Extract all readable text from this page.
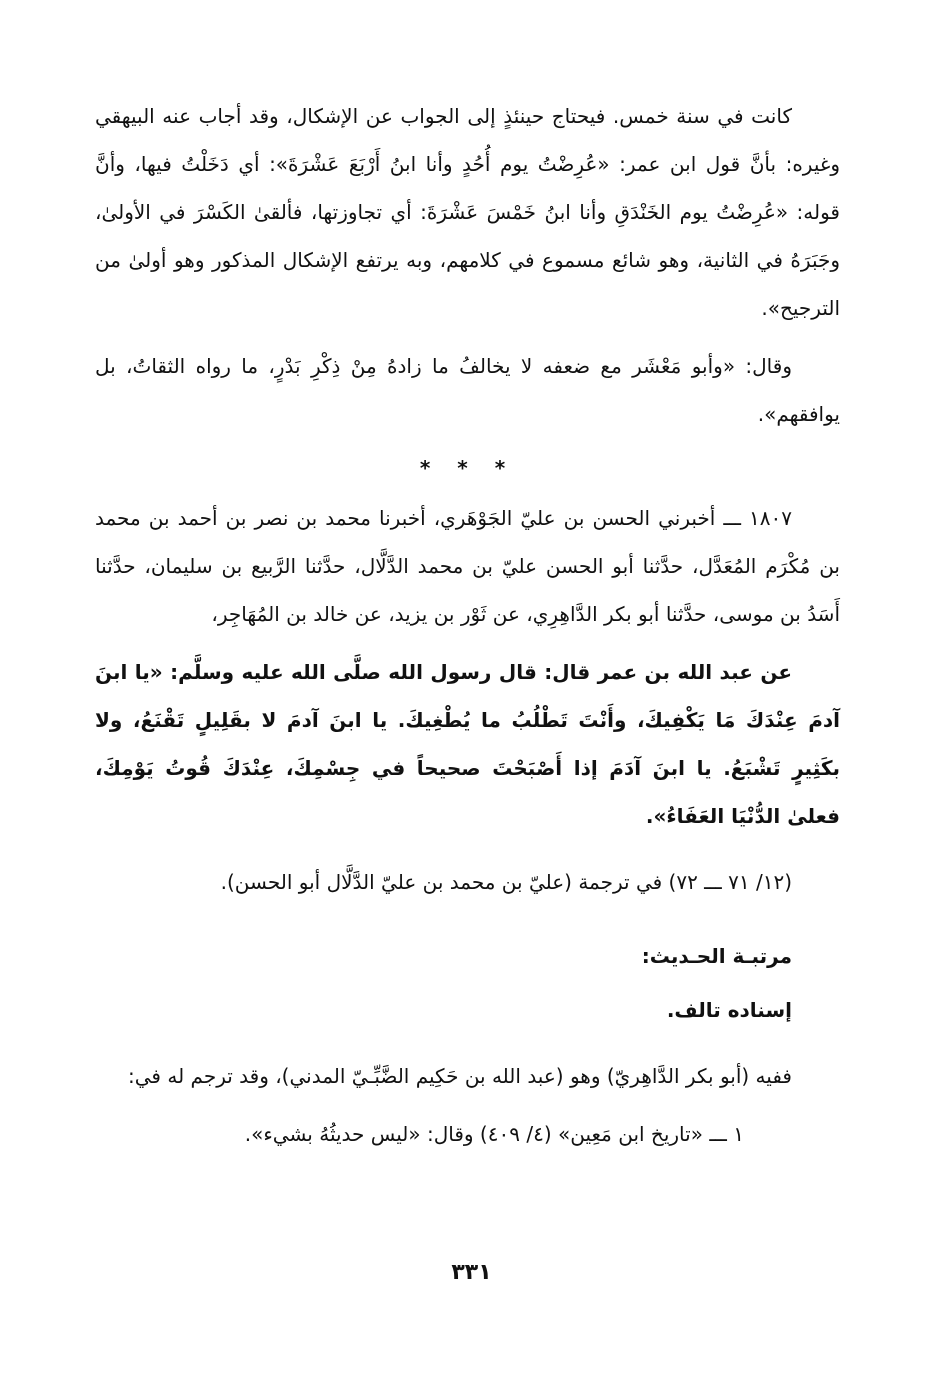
كانت في سنة خمس. فيحتاج حينئذٍ إلى الجواب عن الإشكال، وقد أجاب عنه البيهقي وغيره: بأنَّ قول ابن عمر: «عُرِضْتُ يوم أُحُدٍ وأنا ابنُ أَرْبَعَ عَشْرَةَ»: أي دَخَلْتُ فيها، وأنَّ قوله: «عُرِضْتُ يوم الخَنْدَقِ وأنا ابنُ خَمْسَ عَشْرَةَ: أي تجاوزتها، فألقىٰ الكَسْرَ في الأولىٰ، وجَبَرَهُ في الثانية، وهو شائع مسموع في كلامهم، وبه يرتفع الإشكال المذكور وهو أولىٰ من الترجيح».

وقال: «وأبو مَعْشَر مع ضعفه لا يخالفُ ما زادهُ مِنْ ذِكْرِ بَدْرٍ، ما رواه الثقاتُ، بل يوافقهم».

* * *

١٨٠٧ ـــ أخبرني الحسن بن عليّ الجَوْهَري، أخبرنا محمد بن نصر بن أحمد بن محمد بن مُكْرَم المُعَدَّل، حدَّثنا أبو الحسن عليّ بن محمد الدَّلَّال، حدَّثنا الرَّبيع بن سليمان، حدَّثنا أَسَدُ بن موسى، حدَّثنا أبو بكر الدَّاهِرِي، عن ثَوْر بن يزيد، عن خالد بن المُهَاجِر،

عن عبد الله بن عمر قال: قال رسول الله صلَّى الله عليه وسلَّم: «يا ابنَ آدمَ عِنْدَكَ مَا يَكْفِيكَ، وأَنْتَ تَطْلُبُ ما يُطْغِيكَ. يا ابنَ آدمَ لا بقَلِيلٍ تَقْنَعُ، ولا بكَثِيرٍ تَشْبَعُ. يا ابنَ آدَمَ إذا أَصْبَحْتَ صحيحاً في جِسْمِكَ، عِنْدَكَ قُوتُ يَوْمِكَ، فعلىٰ الدُّنْيَا العَفَاءُ».

(١٢/ ٧١ ـــ ٧٢) في ترجمة (عليّ بن محمد بن عليّ الدَّلَّال أبو الحسن).

مرتبـة الحـديث:

إسناده تالف.

ففيه (أبو بكر الدَّاهِريّ) وهو (عبد الله بن حَكِيم الضَّبِّـيّ المدني)، وقد ترجم له في:

١ ـــ «تاريخ ابن مَعِين» (٤/ ٤٠٩) وقال: «ليس حديثُهُ بشيء».

٣٣١
